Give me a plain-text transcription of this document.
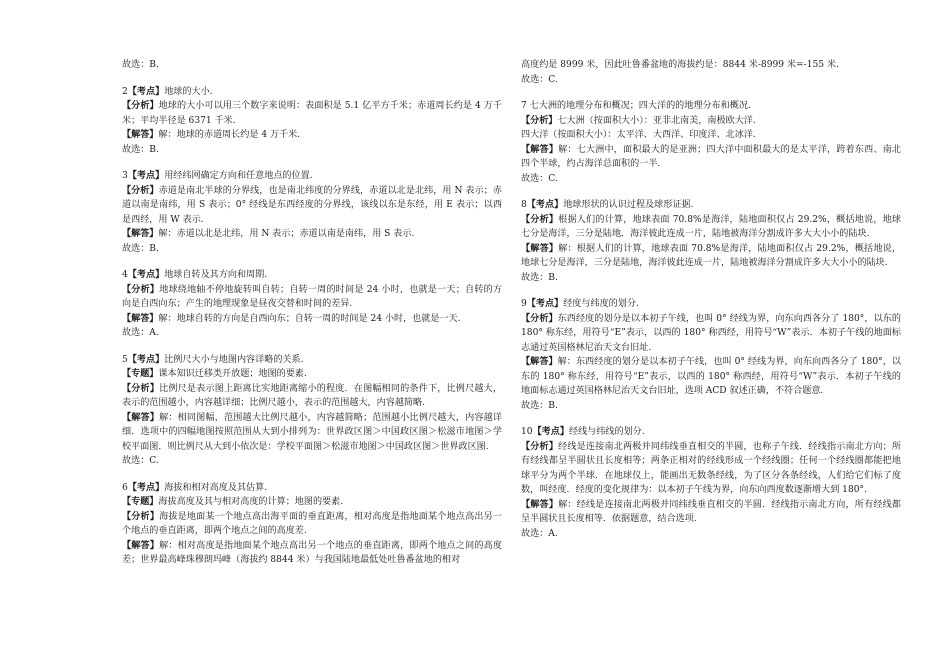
故选：B.
2【考点】地球的大小.
【分析】地球的大小可以用三个数字来说明：表面积是 5.1 亿平方千米；赤道周长约是 4 万千米；平均半径是 6371 千米.
【解答】解：地球的赤道周长约是 4 万千米.
故选：B.
3【考点】用经纬网确定方向和任意地点的位置.
【分析】赤道是南北半球的分界线，也是南北纬度的分界线，赤道以北是北纬，用 N 表示；赤道以南是南纬，用 S 表示；0° 经线是东西经度的分界线，该线以东是东经，用 E 表示；以西是西经，用 W 表示.
【解答】解：赤道以北是北纬，用 N 表示；赤道以南是南纬，用 S 表示.
故选：B.
4【考点】地球自转及其方向和周期.
【分析】地球绕地轴不停地旋转叫自转；自转一周的时间是 24 小时，也就是一天；自转的方向是自西向东；产生的地理现象是昼夜交替和时间的差异.
【解答】解：地球自转的方向是自西向东；自转一周的时间是 24 小时，也就是一天.
故选：A.
5【考点】比例尺大小与地图内容详略的关系.
【专题】课本知识迁移类开放题；地图的要素.
【分析】比例尺是表示图上距离比实地距离缩小的程度．在图幅相同的条件下，比例尺越大，表示的范围越小，内容越详细；比例尺越小，表示的范围越大，内容越简略.
【解答】解：相同图幅，范围越大比例尺越小，内容越简略；范围越小比例尺越大，内容越详细．选项中的四幅地图按照范围从大到小排列为：世界政区图＞中国政区图＞松滋市地图＞学校平面图．则比例尺从大到小依次是：学校平面图＞松滋市地图＞中国政区图＞世界政区图.
故选：C.
6【考点】海拔和相对高度及其估算.
【专题】海拔高度及其与相对高度的计算；地图的要素.
【分析】海拔是地面某一个地点高出海平面的垂直距离，相对高度是指地面某个地点高出另一个地点的垂直距离，即两个地点之间的高度差.
【解答】解：相对高度是指地面某个地点高出另一个地点的垂直距离，即两个地点之间的高度差；世界最高峰珠穆朗玛峰（海拔约 8844 米）与我国陆地最低处吐鲁番盆地的相对
高度约是 8999 米，因此吐鲁番盆地的海拔约是：8844 米-8999 米=-155 米.
故选：C.
7 七大洲的地理分布和概况；四大洋的的地理分布和概况.
【分析】七大洲（按面积大小）：亚非北南美，南极欧大洋.
四大洋（按面积大小）：太平洋、大西洋、印度洋、北冰洋.
【解答】解：七大洲中，面积最大的是亚洲；四大洋中面积最大的是太平洋，跨着东西、南北四个半球，约占海洋总面积的一半.
故选：C.
8【考点】地球形状的认识过程及球形证据.
【分析】根据人们的计算，地球表面 70.8%是海洋，陆地面积仅占 29.2%，概括地说，地球七分是海洋，三分是陆地．海洋彼此连成一片，陆地被海洋分割成许多大大小小的陆块.
【解答】解：根据人们的计算，地球表面 70.8%是海洋，陆地面积仅占 29.2%，概括地说，地球七分是海洋，三分是陆地，海洋彼此连成一片，陆地被海洋分割成许多大大小小的陆块.
故选：B.
9【考点】经度与纬度的划分.
【分析】东西经度的划分是以本初子午线，也叫 0° 经线为界，向东向西各分了 180°，以东的 180° 称东经，用符号“E”表示，以西的 180° 称西经，用符号“W”表示．本初子午线的地面标志通过英国格林尼治天文台旧址.
【解答】解：东西经度的划分是以本初子午线，也叫 0° 经线为界，向东向西各分了 180°，以东的 180° 称东经，用符号“E”表示，以西的 180° 称西经，用符号“W”表示．本初子午线的地面标志通过英国格林尼治天文台旧址，选项 ACD 叙述正确，不符合题意.
故选：B.
10【考点】经线与纬线的划分.
【分析】经线是连接南北两极并同纬线垂直相交的半圆，也称子午线．经线指示南北方向；所有经线都呈半圆状且长度相等；两条正相对的经线形成一个经线圈；任何一个经线圈都能把地球平分为两个半球．在地球仪上，能画出无数条经线，为了区分各条经线，人们给它们标了度数，叫经度．经度的变化规律为：以本初子午线为界，向东向西度数逐渐增大到 180°.
【解答】解：经线是连接南北两极并同纬线垂直相交的半圆．经线指示南北方向，所有经线都呈半圆状且长度相等．依据题意，结合选项.
故选：A.
